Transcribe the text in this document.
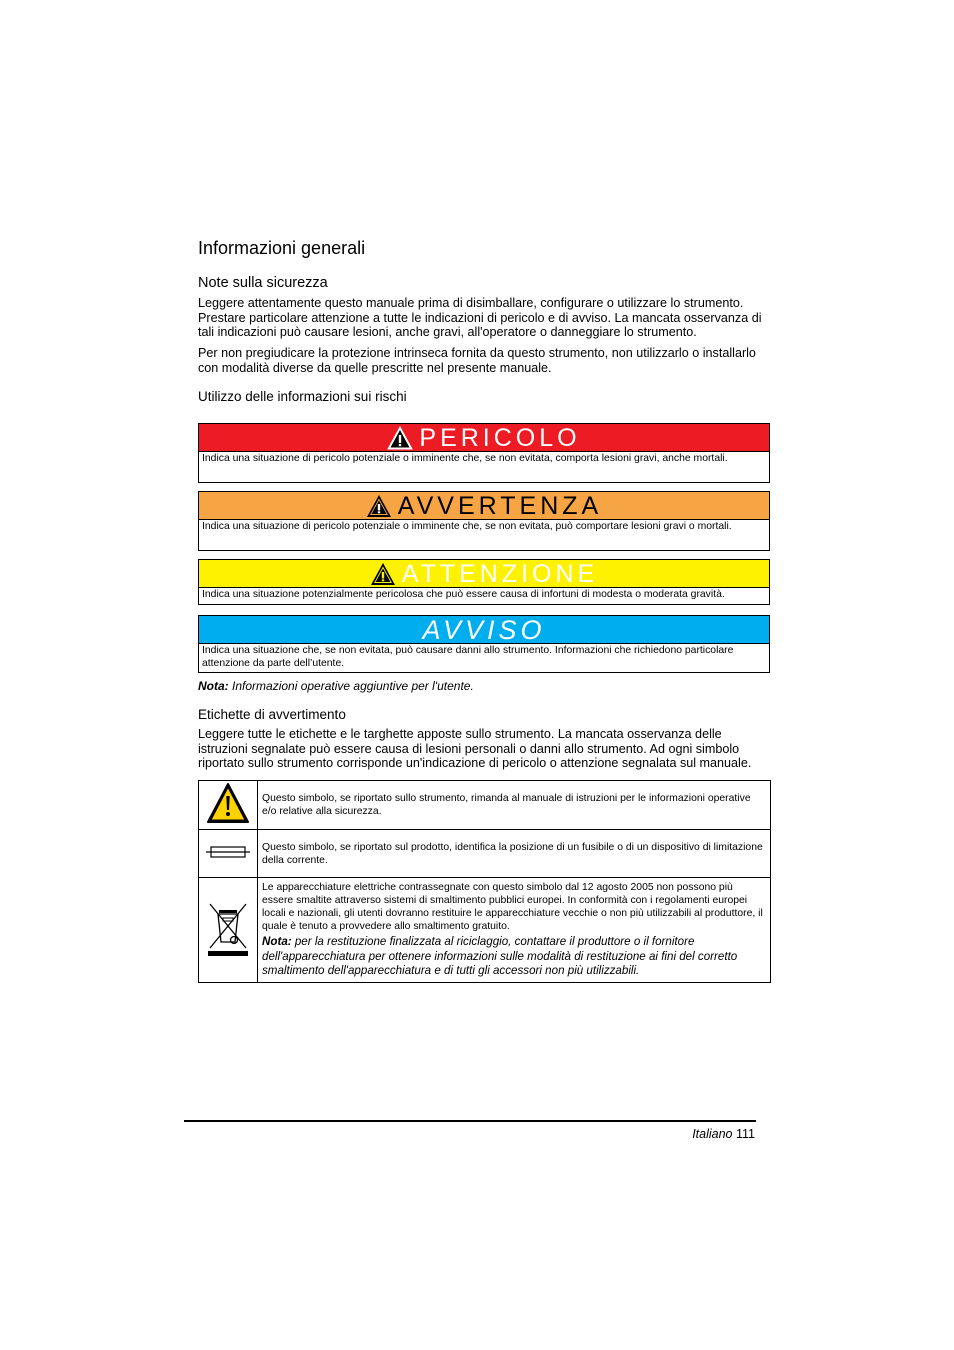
Informazioni generali
Note sulla sicurezza

Leggere attentamente questo manuale prima di disimballare, configurare o utilizzare lo strumento. Prestare particolare attenzione a tutte le indicazioni di pericolo e di avviso. La mancata osservanza di tali indicazioni può causare lesioni, anche gravi, all'operatore o danneggiare lo strumento.

Per non pregiudicare la protezione intrinseca fornita da questo strumento, non utilizzarlo o installarlo con modalità diverse da quelle prescritte nel presente manuale.

Utilizzo delle informazioni sui rischi
PERICOLO
Indica una situazione di pericolo potenziale o imminente che, se non evitata, comporta lesioni gravi, anche mortali.
AVVERTENZA
Indica una situazione di pericolo potenziale o imminente che, se non evitata, può comportare lesioni gravi o mortali.
ATTENZIONE
Indica una situazione potenzialmente pericolosa che può essere causa di infortuni di modesta o moderata gravità.
AVVISO
Indica una situazione che, se non evitata, può causare danni allo strumento. Informazioni che richiedono particolare attenzione da parte dell’utente.
Nota: Informazioni operative aggiuntive per l'utente.
Etichette di avvertimento

Leggere tutte le etichette e le targhette apposte sullo strumento. La mancata osservanza delle istruzioni segnalate può essere causa di lesioni personali o danni allo strumento. Ad ogni simbolo riportato sullo strumento corrisponde un'indicazione di pericolo o attenzione segnalata sul manuale.

	Questo simbolo, se riportato sullo strumento, rimanda al manuale di istruzioni per le informazioni operative e/o relative alla sicurezza.
	Questo simbolo, se riportato sul prodotto, identifica la posizione di un fusibile o di un dispositivo di limitazione della corrente.

Le apparecchiature elettriche contrassegnate con questo simbolo dal 12 agosto 2005 non possono più essere smaltite attraverso sistemi di smaltimento pubblici europei. In conformità con i regolamenti europei locali e nazionali, gli utenti dovranno restituire le apparecchiature vecchie o non più utilizzabili al produttore, il quale è tenuto a provvedere allo smaltimento gratuito.
Nota: per la restituzione finalizzata al riciclaggio, contattare il produttore o il fornitore dell'apparecchiatura per ottenere informazioni sulle modalità di restituzione ai fini del corretto smaltimento dell'apparecchiatura e di tutti gli accessori non più utilizzabili.
Italiano 111
